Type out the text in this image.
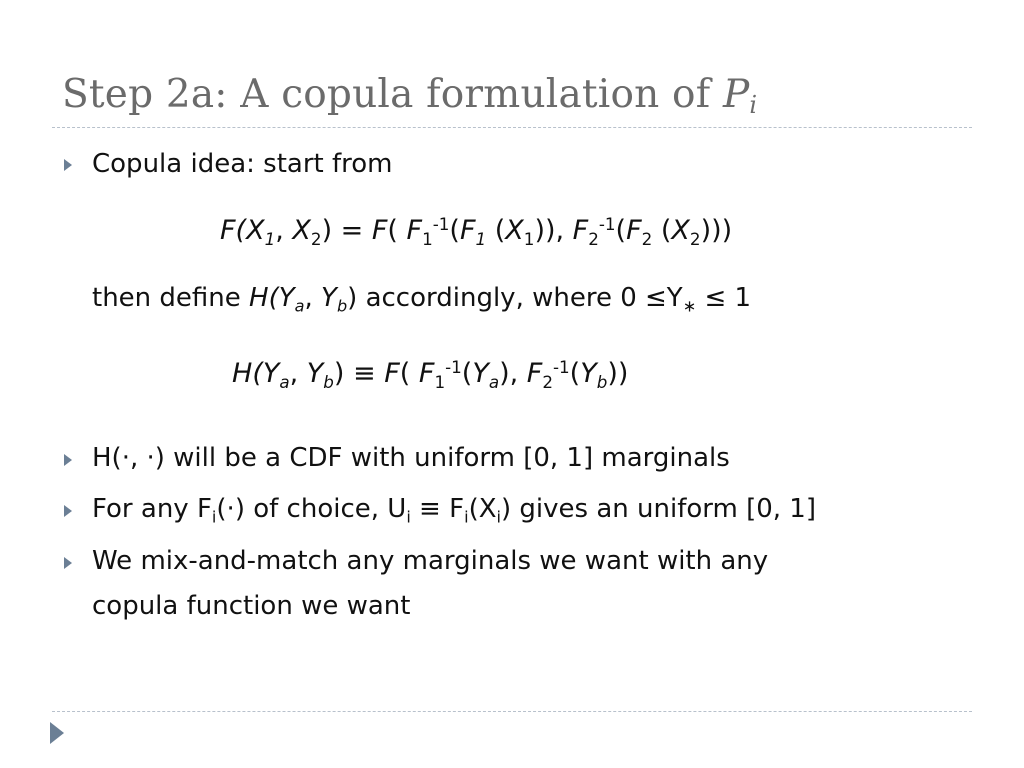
Step 2a: A copula formulation of $P_i$
Copula idea: start from
$F(X_1$, $X_2) = F$( $F_1^{-1}(F_1$ $(X_1)$), $F_2^{-1}(F_2$ $(X_2)$))
then define $H(Y_a$, $Y_b$) accordingly, where $0 \le Y_∗ \le 1$
$H(Y_a$, $Y_b) \equiv F$( $F_1^{-1}(Y_a)$, $F_2^{-1}(Y_b)$)
H(·, ·) will be a CDF with uniform [0, 1] marginals
For any $F_i(\cdot)$ of choice, $U_i \equiv F_i(X_i)$ gives an uniform [0, 1]
We mix-and-match any marginals we want with any
copula function we want
